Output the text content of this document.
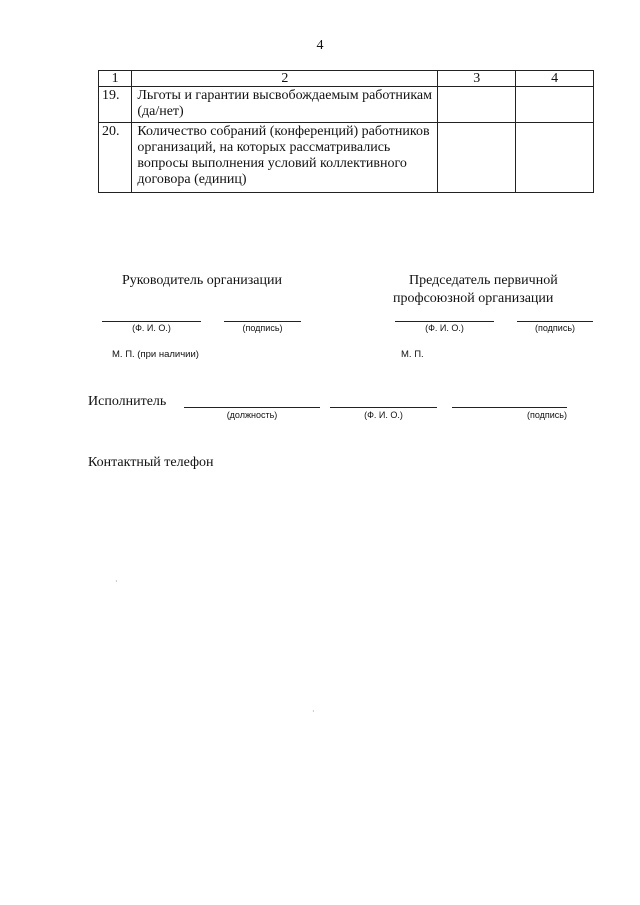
4
1	2	3	4
19.	Льготы и гарантии высвобождаемым работникам (да/нет)		
20.	Количество собраний (конференций) работников организаций, на которых рассматривались вопросы выполнения условий коллективного договора (единиц)		
Руководитель организации	Председатель первичной
профсоюзной организации
(Ф. И. О.)	(подпись)	(Ф. И. О.)	(подпись)
М. П. (при наличии)	М. П.
Исполнитель
(должность)	(Ф. И. О.)	(подпись)
Контактный телефон
·
·
